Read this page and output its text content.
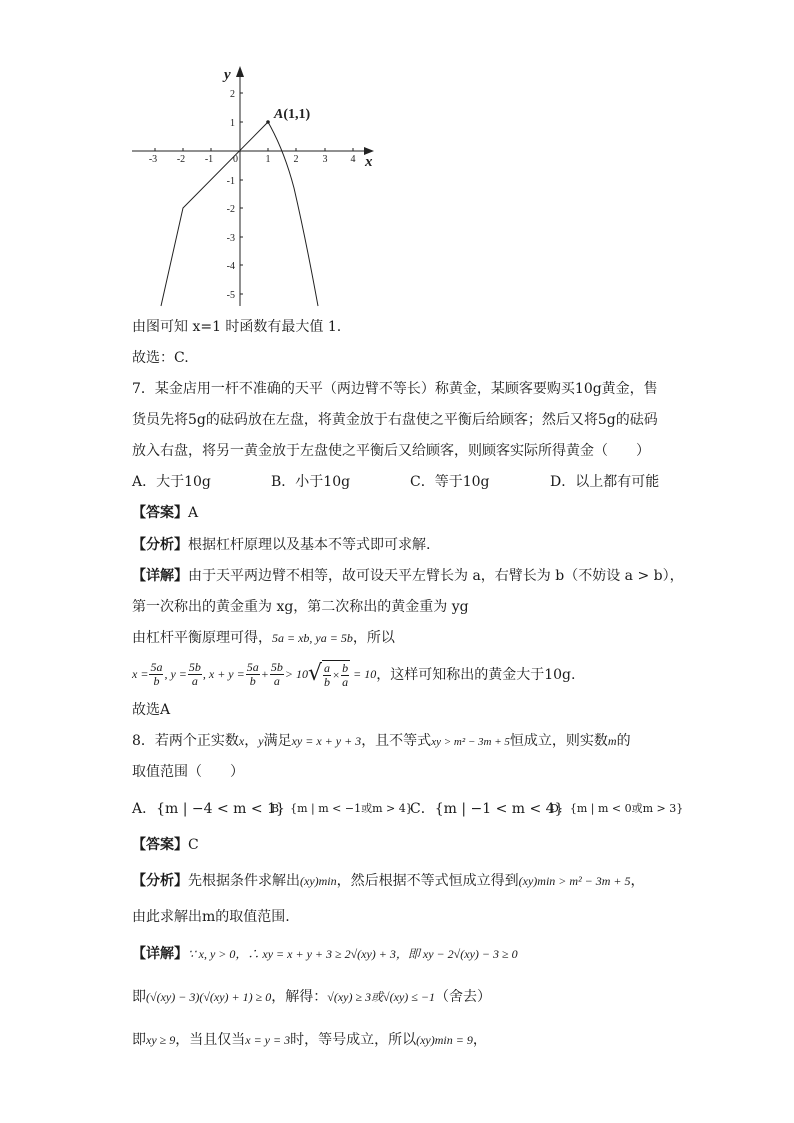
-3 -2 -1	1 2 3 4
2
1
-1
-2
-3
-4
-5
x
y
0
A(1,1)
由图可知 x=1 时函数有最大值 1.
故选：C.
7．某金店用一杆不准确的天平（两边臂不等长）称黄金，某顾客要购买10g黄金，售
货员先将5g的砝码放在左盘，将黄金放于右盘使之平衡后给顾客；然后又将5g的砝码
放入右盘，将另一黄金放于左盘使之平衡后又给顾客，则顾客实际所得黄金（　　）
A．大于10g	B．小于10g	C．等于10g	D．以上都有可能
【答案】A
【分析】根据杠杆原理以及基本不等式即可求解.
【详解】由于天平两边臂不相等，故可设天平左臂长为 a，右臂长为 b（不妨设 a > b），
第一次称出的黄金重为 xg，第二次称出的黄金重为 yg
由杠杆平衡原理可得，5a = xb, ya = 5b，所以
$x = \frac{5a}{b}$ , $y = \frac{5b}{a}$ , $x + y = \frac{5a}{b} + \frac{5b}{a} > 10$ √ $\frac{a}{b} \times \frac{b}{a} = 10$ ，这样可知称出的黄金大于10g.
故选A
8．若两个正实数x，y满足xy = x + y + 3，且不等式xy > m² − 3m + 5恒成立，则实数m的
取值范围（　　）
A．{m | −4 < m < 1}
B．{m | m < −1或m > 4}
C．{m | −1 < m < 4}
D．{m | m < 0或m > 3}
【答案】C
【分析】先根据条件求解出(xy)min，然后根据不等式恒成立得到(xy)min > m² − 3m + 5，
由此求解出m的取值范围.
【详解】∵ x, y > 0，∴ xy = x + y + 3 ≥ 2√(xy) + 3，即 xy − 2√(xy) − 3 ≥ 0
即(√(xy) − 3)(√(xy) + 1) ≥ 0，解得：√(xy) ≥ 3或√(xy) ≤ −1（舍去）
即xy ≥ 9，当且仅当x = y = 3时，等号成立，所以(xy)min = 9，
